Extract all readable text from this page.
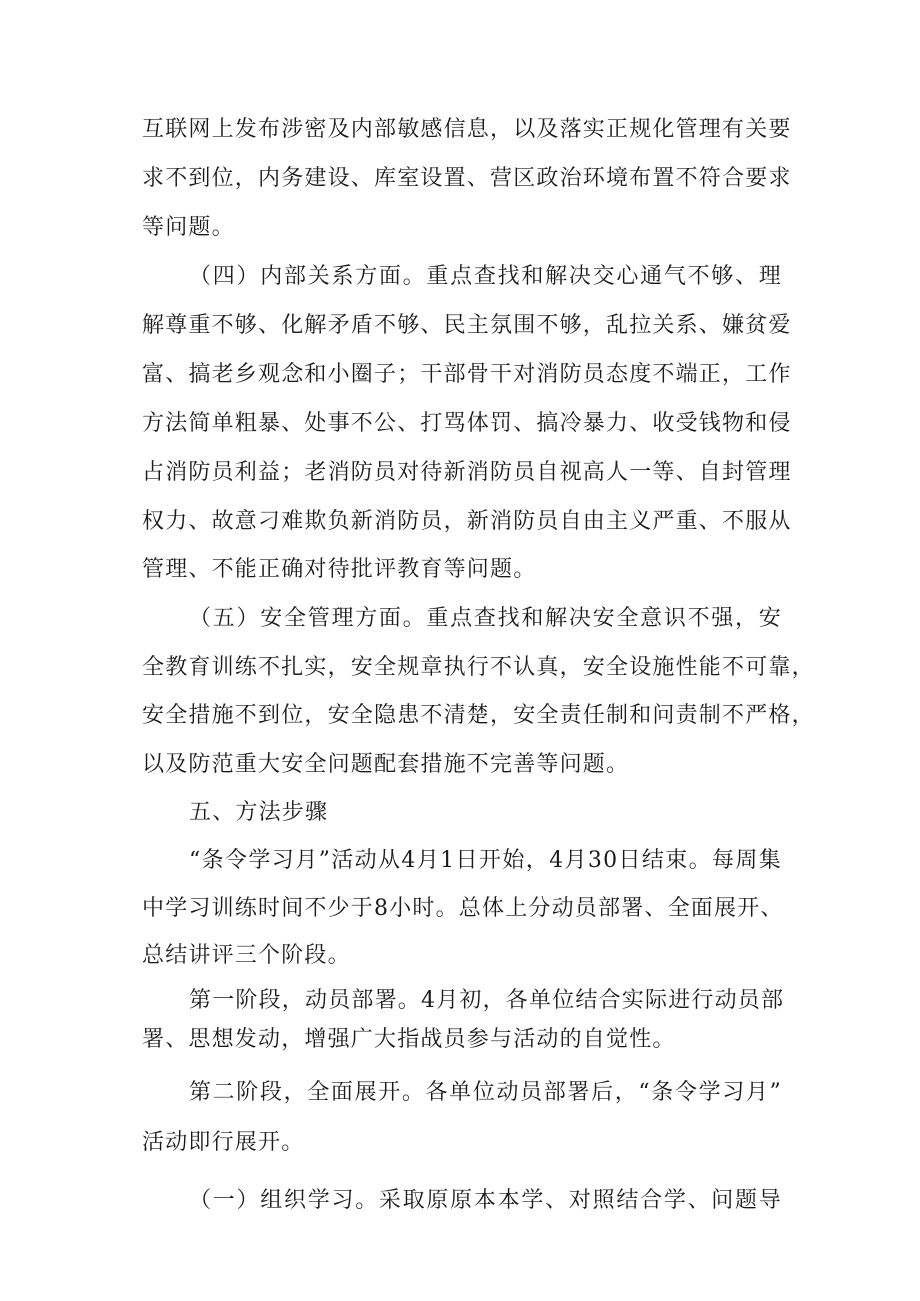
互联网上发布涉密及内部敏感信息，以及落实正规化管理有关要
求不到位，内务建设、库室设置、营区政治环境布置不符合要求
等问题。
（四）内部关系方面。重点查找和解决交心通气不够、理
解尊重不够、化解矛盾不够、民主氛围不够，乱拉关系、嫌贫爱
富、搞老乡观念和小圈子；干部骨干对消防员态度不端正，工作
方法简单粗暴、处事不公、打骂体罚、搞冷暴力、收受钱物和侵
占消防员利益；老消防员对待新消防员自视高人一等、自封管理
权力、故意刁难欺负新消防员，新消防员自由主义严重、不服从
管理、不能正确对待批评教育等问题。
（五）安全管理方面。重点查找和解决安全意识不强，安
全教育训练不扎实，安全规章执行不认真，安全设施性能不可靠，
安全措施不到位，安全隐患不清楚，安全责任制和问责制不严格，
以及防范重大安全问题配套措施不完善等问题。
五、方法步骤
“条令学习月”活动从4月1日开始，4月30日结束。每周集
中学习训练时间不少于8小时。总体上分动员部署、全面展开、
总结讲评三个阶段。
第一阶段，动员部署。4月初，各单位结合实际进行动员部
署、思想发动，增强广大指战员参与活动的自觉性。
第二阶段，全面展开。各单位动员部署后，“条令学习月”
活动即行展开。
（一）组织学习。采取原原本本学、对照结合学、问题导
